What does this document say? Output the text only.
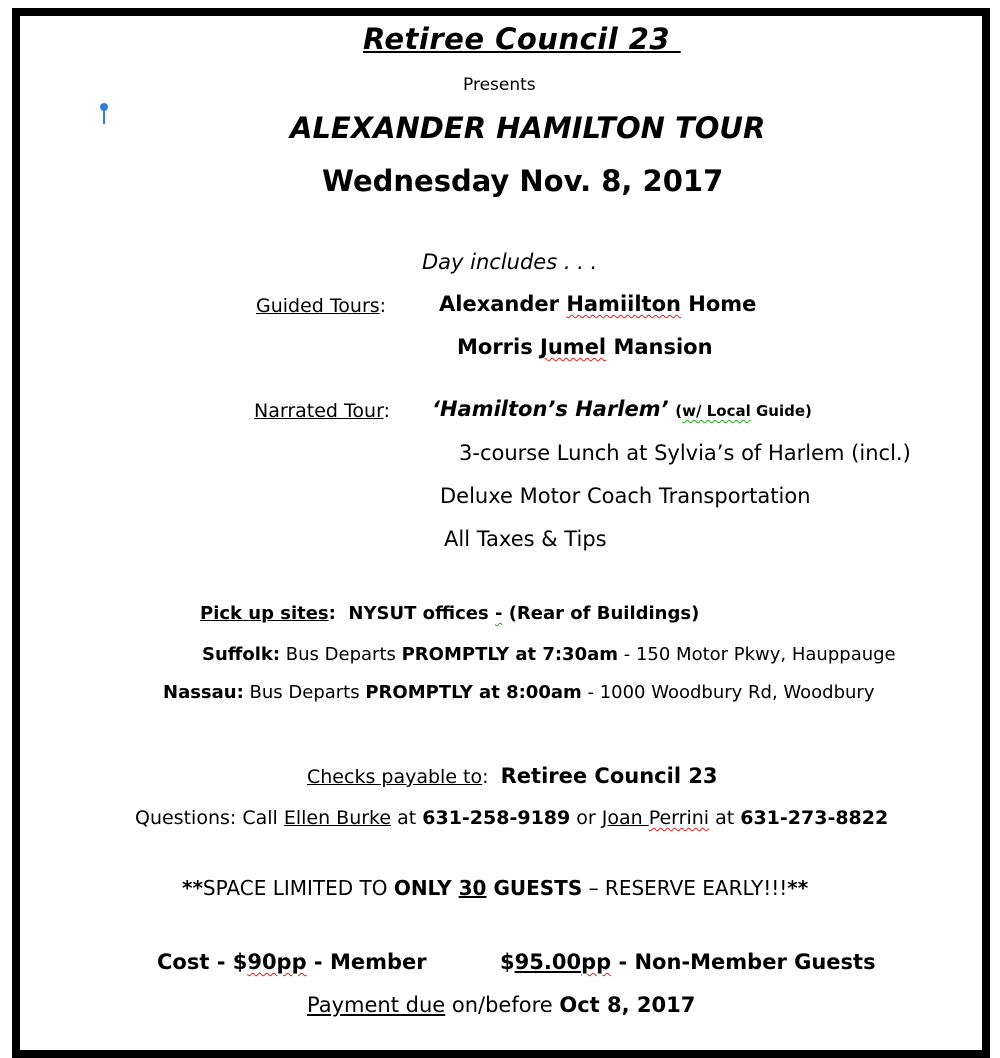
Retiree Council 23
Presents
ALEXANDER HAMILTON TOUR
Wednesday Nov. 8, 2017
Day includes . . .
Guided Tours:	Alexander Hamiilton Home
Morris Jumel Mansion
Narrated Tour: ‘Hamilton’s Harlem’ (w/ Local Guide)
3-course Lunch at Sylvia’s of Harlem (incl.)
Deluxe Motor Coach Transportation
All Taxes & Tips
Pick up sites: NYSUT offices - (Rear of Buildings)
Suffolk: Bus Departs PROMPTLY at 7:30am - 150 Motor Pkwy, Hauppauge
Nassau: Bus Departs PROMPTLY at 8:00am - 1000 Woodbury Rd, Woodbury
Checks payable to: Retiree Council 23
Questions: Call Ellen Burke at 631-258-9189 or Joan Perrini at 631-273-8822
**SPACE LIMITED TO ONLY 30 GUESTS – RESERVE EARLY!!!**
Cost - $90pp - Member	$95.00pp - Non-Member Guests
Payment due on/before Oct 8, 2017
